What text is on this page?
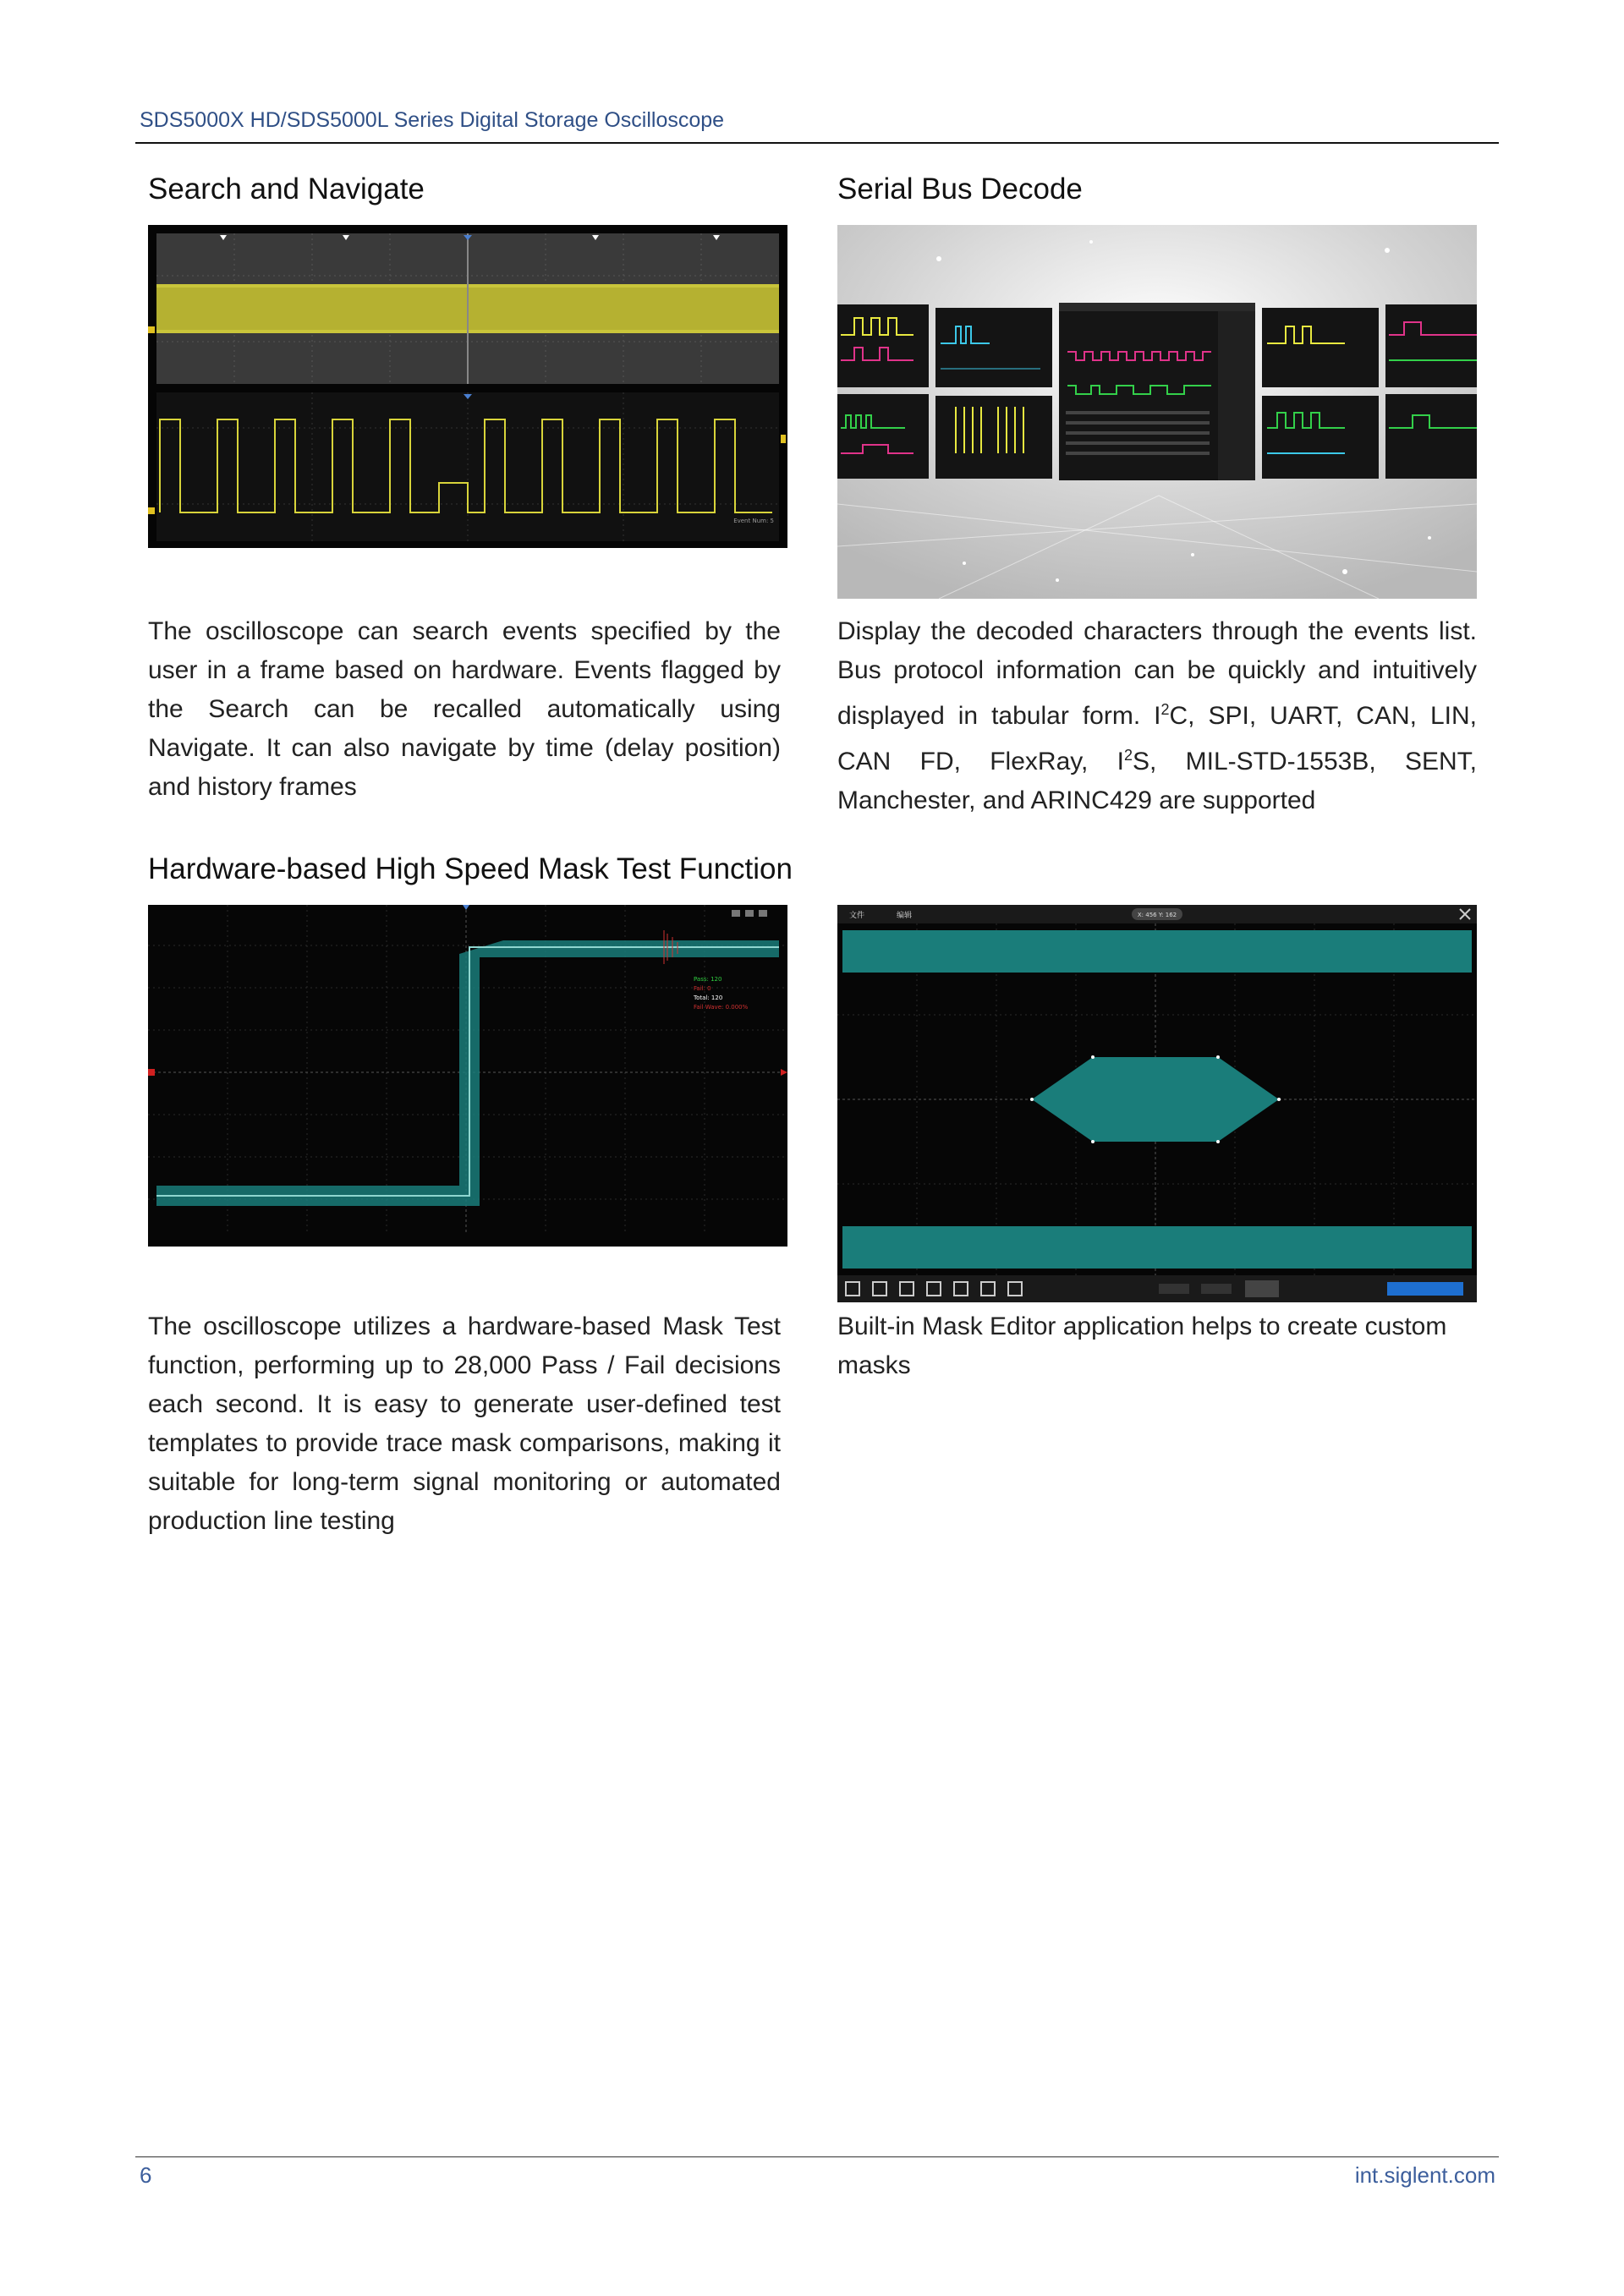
SDS5000X HD/SDS5000L Series Digital Storage Oscilloscope
Search and Navigate
Event Num: 5
The oscilloscope can search events specified by the user in a frame based on hardware. Events flagged by the Search can be recalled automatically using Navigate. It can also navigate by time (delay position) and history frames
Serial Bus Decode
Display the decoded characters through the events list. Bus protocol information can be quickly and intuitively displayed in tabular form. $I^2C$, SPI, UART, CAN, LIN, CAN FD, FlexRay, $I^2S$, MIL-STD-1553B, SENT, Manchester, and ARINC429 are supported
Hardware-based High Speed Mask Test Function
Pass: 120
Fail: 0
Total: 120
Fail Wave: 0.000%
The oscilloscope utilizes a hardware-based Mask Test function, performing up to 28,000 Pass / Fail decisions each second. It is easy to generate user-defined test templates to provide trace mask comparisons, making it suitable for long-term signal monitoring or automated production line testing
文件	编辑	X: 456 Y: 162
Built-in Mask Editor application helps to create custom masks
6	int.siglent.com
